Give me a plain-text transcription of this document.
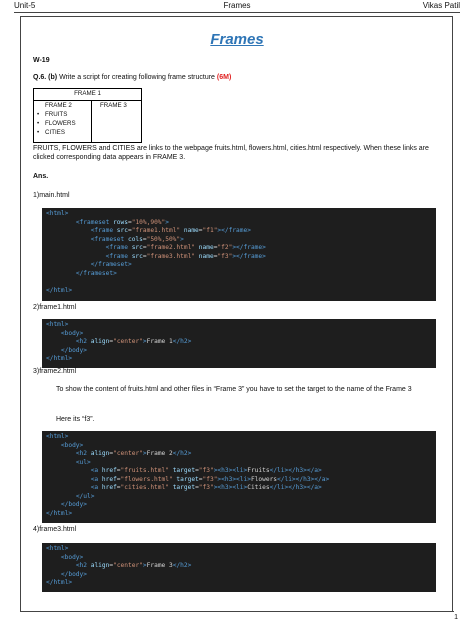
Unit-5	Frames	Vikas Patil
Frames
W-19
Q.6. (b) Write a script for creating following frame structure (6M)
FRAME 1
FRAME 2
• FRUITS
• FLOWERS
• CITIES
FRAME 3
FRUITS, FLOWERS and CITIES are links to the webpage fruits.html, flowers.html, cities.html respectively. When these links are clicked corresponding data appears in FRAME 3.
Ans.
1)main.html
<html>
<frameset rows="10%,90%">
<frame src="frame1.html" name="f1"></frame>
<frameset cols="50%,50%">
<frame src="frame2.html" name="f2"></frame>
<frame src="frame3.html" name="f3"></frame>
</frameset>
</frameset>
</html>
2)frame1.html
<html>
<body>
<h2 align="center">Frame 1</h2>
</body>
</html>
3)frame2.html
To show the content of fruits.html and other files in “Frame 3” you have to set the target to the name of the Frame 3
Here its “f3”.
<html>
<body>
<h2 align="center">Frame 2</h2>
<ul>
<a href="fruits.html" target="f3"><h3><li>Fruits</li></h3></a>
<a href="flowers.html" target="f3"><h3><li>Flowers</li></h3></a>
<a href="cities.html" target="f3"><h3><li>Cities</li></h3></a>
</ul>
</body>
</html>
4)frame3.html
<html>
<body>
<h2 align="center">Frame 3</h2>
</body>
</html>
1
